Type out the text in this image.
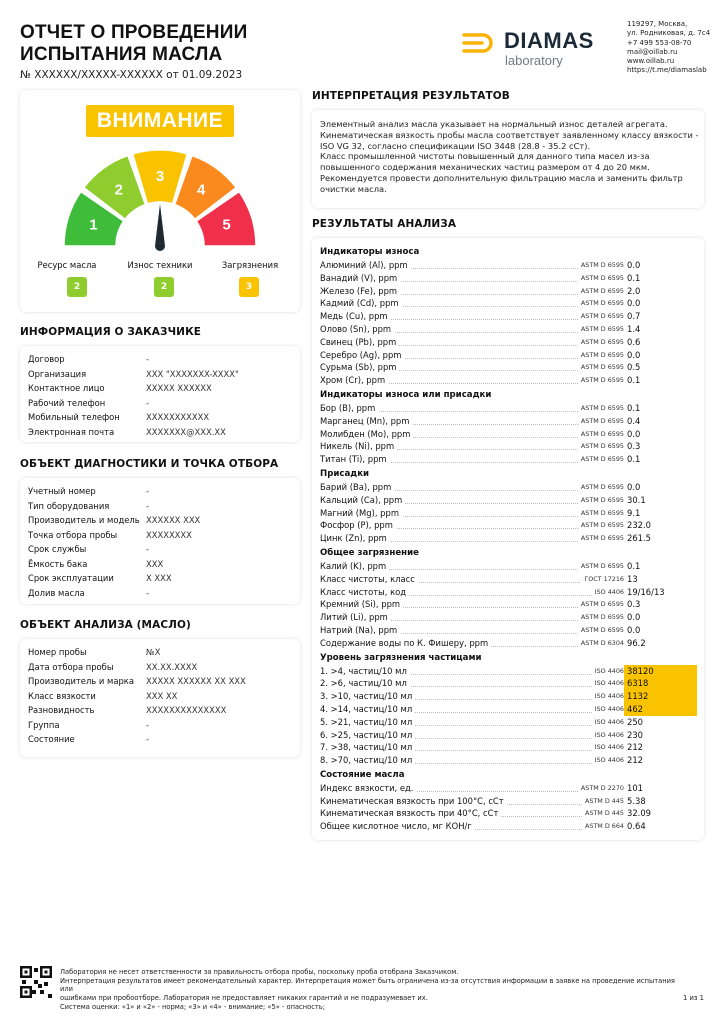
ОТЧЕТ О ПРОВЕДЕНИИ
ИСПЫТАНИЯ МАСЛА
№ XXXXXX/XXXXX-XXXXXX от 01.09.2023
DIAMAS
laboratory
119297, Москва,
ул. Родниковая, д. 7с4
+7 499 553-08-70
mail@oillab.ru
www.oillab.ru
https://t.me/diamaslab
ВНИМАНИЕ
1
2
3
4
5
Ресурс масла	Износ техники	Загрязнения
2	2	3
ИНФОРМАЦИЯ О ЗАКАЗЧИКЕ
Договор	-
Организация	XXX "XXXXXXX-XXXX"
Контактное лицо	XXXXX XXXXXX
Рабочий телефон	-
Мобильный телефон	XXXXXXXXXXX
Электронная почта	XXXXXXX@XXX.XX
ОБЪЕКТ ДИАГНОСТИКИ И ТОЧКА ОТБОРА
Учетный номер	-
Тип оборудования	-
Производитель и модель XXXXXX XXX
Точка отбора пробы	XXXXXXXX
Срок службы	-
Ёмкость бака	XXX
Срок эксплуатации	X XXX
Долив масла	-
ОБЪЕКТ АНАЛИЗА (МАСЛО)
Номер пробы	№X
Дата отбора пробы	XX.XX.XXXX
Производитель и марка	XXXXX XXXXXX XX XXX
Класс вязкости	XXX XX
Разновидность	XXXXXXXXXXXXXX
Группа	-
Состояние	-
ИНТЕРПРЕТАЦИЯ РЕЗУЛЬТАТОВ
Элементный анализ масла указывает на нормальный износ деталей агрегата.
Кинематическая вязкость пробы масла соответствует заявленному классу вязкости -
ISO VG 32, согласно спецификации ISO 3448 (28.8 - 35.2 сСт).
Класс промышленной чистоты повышенный для данного типа масел из-за
повышенного содержания механических частиц размером от 4 до 20 мкм.
Рекомендуется провести дополнительную фильтрацию масла и заменить фильтр
очистки масла.
РЕЗУЛЬТАТЫ АНАЛИЗА
Индикаторы износа
Алюминий (Al), ppm	ASTM D 6595 0.0
Ванадий (V), ppm	ASTM D 6595 0.1
Железо (Fe), ppm	ASTM D 6595 2.0
Кадмий (Cd), ppm	ASTM D 6595 0.0
Медь (Cu), ppm	ASTM D 6595 0.7
Олово (Sn), ppm	ASTM D 6595 1.4
Свинец (Pb), ppm	ASTM D 6595 0.6
Серебро (Ag), ppm	ASTM D 6595 0.0
Сурьма (Sb), ppm	ASTM D 6595 0.5
Хром (Cr), ppm	ASTM D 6595 0.1
Индикаторы износа или присадки
Бор (B), ppm	ASTM D 6595 0.1
Марганец (Mn), ppm	ASTM D 6595 0.4
Молибден (Mo), ppm	ASTM D 6595 0.0
Никель (Ni), ppm	ASTM D 6595 0.3
Титан (Ti), ppm	ASTM D 6595 0.1
Присадки
Барий (Ba), ppm	ASTM D 6595 0.0
Кальций (Ca), ppm	ASTM D 6595 30.1
Магний (Mg), ppm	ASTM D 6595 9.1
Фосфор (P), ppm	ASTM D 6595 232.0
Цинк (Zn), ppm	ASTM D 6595 261.5
Общее загрязнение
Калий (K), ppm	ASTM D 6595 0.1
Класс чистоты, класс	ГОСТ 17216 13
Класс чистоты, код	ISO 4406 19/16/13
Кремний (Si), ppm	ASTM D 6595 0.3
Литий (Li), ppm	ASTM D 6595 0.0
Натрий (Na), ppm	ASTM D 6595 0.0
Содержание воды по К. Фишеру, ppm	ASTM D 6304 96.2
Уровень загрязнения частицами
1. >4, частиц/10 мл	ISO 4406 38120
2. >6, частиц/10 мл	ISO 4406 6318
3. >10, частиц/10 мл	ISO 4406 1132
4. >14, частиц/10 мл	ISO 4406 462
5. >21, частиц/10 мл	ISO 4406 250
6. >25, частиц/10 мл	ISO 4406 230
7. >38, частиц/10 мл	ISO 4406 212
8. >70, частиц/10 мл	ISO 4406 212
Состояние масла
Индекс вязкости, ед.	ASTM D 2270 101
Кинематическая вязкость при 100°C, сСт	ASTM D 445 5.38
Кинематическая вязкость при 40°C, сСт	ASTM D 445 32.09
Общее кислотное число, мг КОН/г	ASTM D 664 0.64
Лаборатория не несет ответственности за правильность отбора пробы, поскольку проба отобрана Заказчиком.
Интерпретация результатов имеет рекомендательный характер. Интерпретация может быть ограничена из-за отсутствия информации в заявке на проведение испытания или
ошибками при пробоотборе. Лаборатория не предоставляет никаких гарантий и не подразумевает их.
Система оценки: «1» и «2» - норма; «3» и «4» - внимание; «5» - опасность;
1 из 1
